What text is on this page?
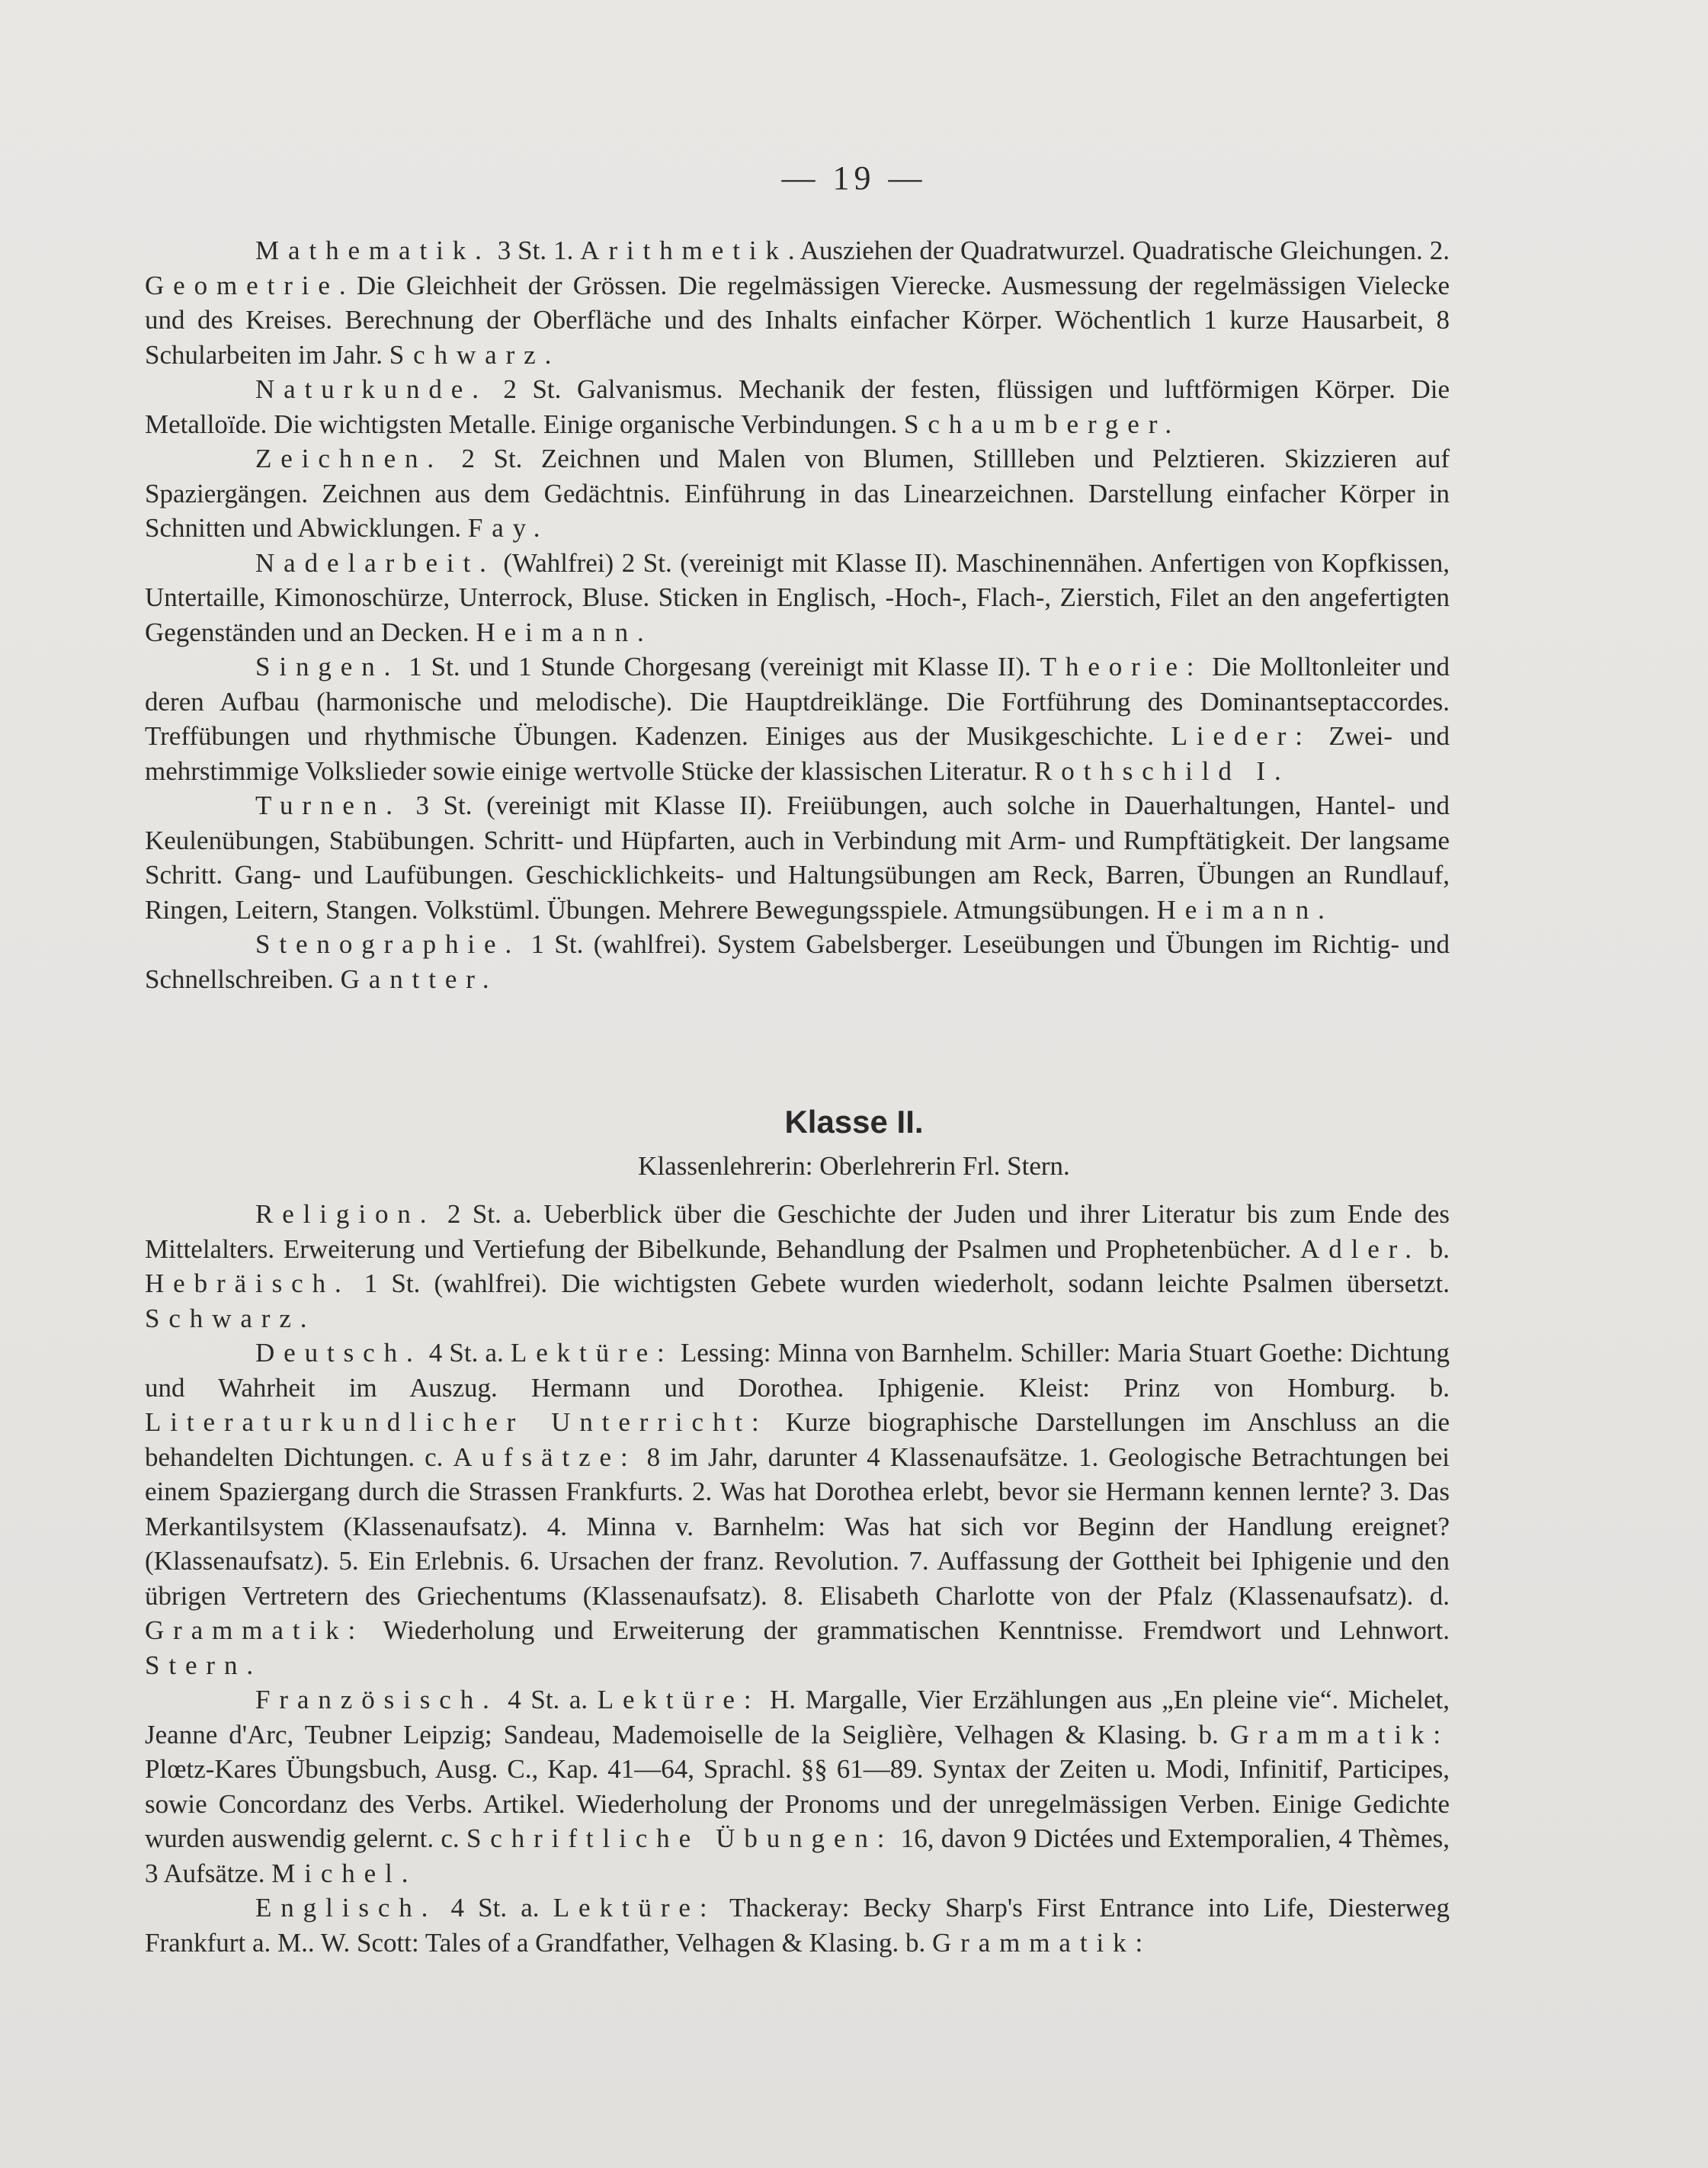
— 19 —
Mathematik. 3 St. 1. Arithmetik. Ausziehen der Quadratwurzel. Quadratische Gleichungen. 2. Geometrie. Die Gleichheit der Grössen. Die regelmässigen Vierecke. Ausmessung der regelmässigen Vielecke und des Kreises. Berechnung der Oberfläche und des Inhalts einfacher Körper. Wöchentlich 1 kurze Hausarbeit, 8 Schularbeiten im Jahr. Schwarz.
Naturkunde. 2 St. Galvanismus. Mechanik der festen, flüssigen und luftförmigen Körper. Die Metalloïde. Die wichtigsten Metalle. Einige organische Verbindungen. Schaumberger.
Zeichnen. 2 St. Zeichnen und Malen von Blumen, Stillleben und Pelztieren. Skizzieren auf Spaziergängen. Zeichnen aus dem Gedächtnis. Einführung in das Linearzeichnen. Darstellung einfacher Körper in Schnitten und Abwicklungen. Fay.
Nadelarbeit. (Wahlfrei) 2 St. (vereinigt mit Klasse II). Maschinennähen. Anfertigen von Kopfkissen, Untertaille, Kimonoschürze, Unterrock, Bluse. Sticken in Englisch, -Hoch-, Flach-, Zierstich, Filet an den angefertigten Gegenständen und an Decken. Heimann.
Singen. 1 St. und 1 Stunde Chorgesang (vereinigt mit Klasse II). Theorie: Die Molltonleiter und deren Aufbau (harmonische und melodische). Die Hauptdreiklänge. Die Fortführung des Dominantseptaccordes. Treffübungen und rhythmische Übungen. Kadenzen. Einiges aus der Musikgeschichte. Lieder: Zwei- und mehrstimmige Volkslieder sowie einige wertvolle Stücke der klassischen Literatur. Rothschild I.
Turnen. 3 St. (vereinigt mit Klasse II). Freiübungen, auch solche in Dauerhaltungen, Hantel- und Keulenübungen, Stabübungen. Schritt- und Hüpfarten, auch in Verbindung mit Arm- und Rumpftätigkeit. Der langsame Schritt. Gang- und Laufübungen. Geschicklichkeits- und Haltungsübungen am Reck, Barren, Übungen an Rundlauf, Ringen, Leitern, Stangen. Volkstüml. Übungen. Mehrere Bewegungsspiele. Atmungsübungen. Heimann.
Stenographie. 1 St. (wahlfrei). System Gabelsberger. Leseübungen und Übungen im Richtig- und Schnellschreiben. Gantter.
Klasse II.
Klassenlehrerin: Oberlehrerin Frl. Stern.
Religion. 2 St. a. Ueberblick über die Geschichte der Juden und ihrer Literatur bis zum Ende des Mittelalters. Erweiterung und Vertiefung der Bibelkunde, Behandlung der Psalmen und Prophetenbücher. Adler. b. Hebräisch. 1 St. (wahlfrei). Die wichtigsten Gebete wurden wiederholt, sodann leichte Psalmen übersetzt. Schwarz.
Deutsch. 4 St. a. Lektüre: Lessing: Minna von Barnhelm. Schiller: Maria Stuart Goethe: Dichtung und Wahrheit im Auszug. Hermann und Dorothea. Iphigenie. Kleist: Prinz von Homburg. b. Literaturkundlicher Unterricht: Kurze biographische Darstellungen im Anschluss an die behandelten Dichtungen. c. Aufsätze: 8 im Jahr, darunter 4 Klassenaufsätze. 1. Geologische Betrachtungen bei einem Spaziergang durch die Strassen Frankfurts. 2. Was hat Dorothea erlebt, bevor sie Hermann kennen lernte? 3. Das Merkantilsystem (Klassenaufsatz). 4. Minna v. Barnhelm: Was hat sich vor Beginn der Handlung ereignet? (Klassenaufsatz). 5. Ein Erlebnis. 6. Ursachen der franz. Revolution. 7. Auffassung der Gottheit bei Iphigenie und den übrigen Vertretern des Griechentums (Klassenaufsatz). 8. Elisabeth Charlotte von der Pfalz (Klassenaufsatz). d. Grammatik: Wiederholung und Erweiterung der grammatischen Kenntnisse. Fremdwort und Lehnwort. Stern.
Französisch. 4 St. a. Lektüre: H. Margalle, Vier Erzählungen aus „En pleine vie“. Michelet, Jeanne d'Arc, Teubner Leipzig; Sandeau, Mademoiselle de la Seiglière, Velhagen & Klasing. b. Grammatik: Plœtz-Kares Übungsbuch, Ausg. C., Kap. 41—64, Sprachl. §§ 61—89. Syntax der Zeiten u. Modi, Infinitif, Participes, sowie Concordanz des Verbs. Artikel. Wiederholung der Pronoms und der unregelmässigen Verben. Einige Gedichte wurden auswendig gelernt. c. Schriftliche Übungen: 16, davon 9 Dictées und Extemporalien, 4 Thèmes, 3 Aufsätze. Michel.
Englisch. 4 St. a. Lektüre: Thackeray: Becky Sharp's First Entrance into Life, Diesterweg Frankfurt a. M.. W. Scott: Tales of a Grandfather, Velhagen & Klasing. b. Grammatik:
